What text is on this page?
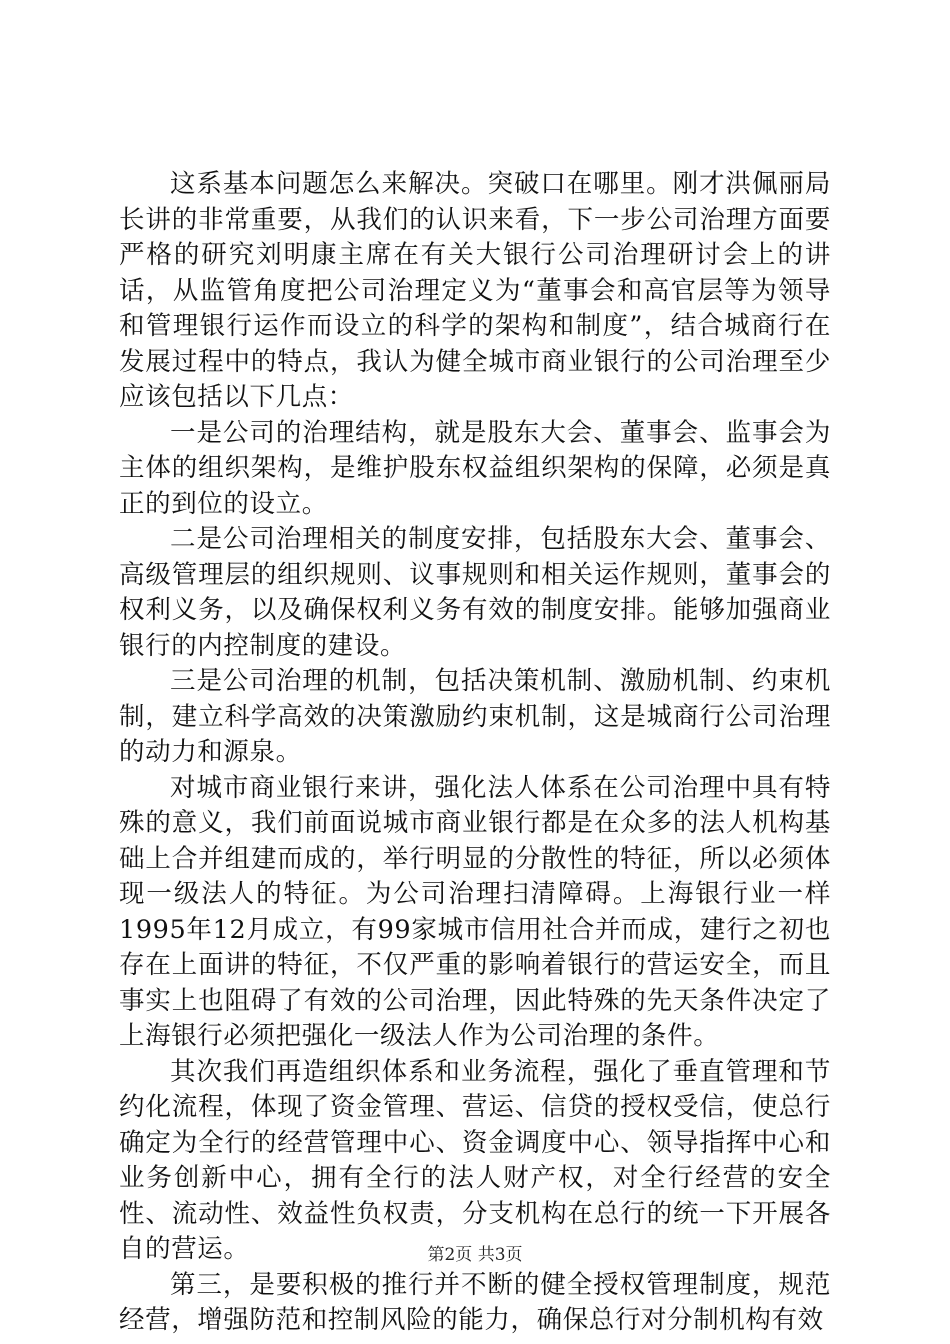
这系基本问题怎么来解决。突破口在哪里。刚才洪佩丽局长讲的非常重要，从我们的认识来看，下一步公司治理方面要严格的研究刘明康主席在有关大银行公司治理研讨会上的讲话，从监管角度把公司治理定义为“董事会和高官层等为领导和管理银行运作而设立的科学的架构和制度”，结合城商行在发展过程中的特点，我认为健全城市商业银行的公司治理至少应该包括以下几点：

一是公司的治理结构，就是股东大会、董事会、监事会为主体的组织架构，是维护股东权益组织架构的保障，必须是真正的到位的设立。

二是公司治理相关的制度安排，包括股东大会、董事会、高级管理层的组织规则、议事规则和相关运作规则，董事会的权利义务，以及确保权利义务有效的制度安排。能够加强商业银行的内控制度的建设。

三是公司治理的机制，包括决策机制、激励机制、约束机制，建立科学高效的决策激励约束机制，这是城商行公司治理的动力和源泉。

对城市商业银行来讲，强化法人体系在公司治理中具有特殊的意义，我们前面说城市商业银行都是在众多的法人机构基础上合并组建而成的，举行明显的分散性的特征，所以必须体现一级法人的特征。为公司治理扫清障碍。上海银行业一样1995年12月成立，有99家城市信用社合并而成，建行之初也存在上面讲的特征，不仅严重的影响着银行的营运安全，而且事实上也阻碍了有效的公司治理，因此特殊的先天条件决定了上海银行必须把强化一级法人作为公司治理的条件。

其次我们再造组织体系和业务流程，强化了垂直管理和节约化流程，体现了资金管理、营运、信贷的授权受信，使总行确定为全行的经营管理中心、资金调度中心、领导指挥中心和业务创新中心，拥有全行的法人财产权，对全行经营的安全性、流动性、效益性负权责，分支机构在总行的统一下开展各自的营运。

第三，是要积极的推行并不断的健全授权管理制度，规范经营，增强防范和控制风险的能力，确保总行对分制机构有效

第2页 共3页
